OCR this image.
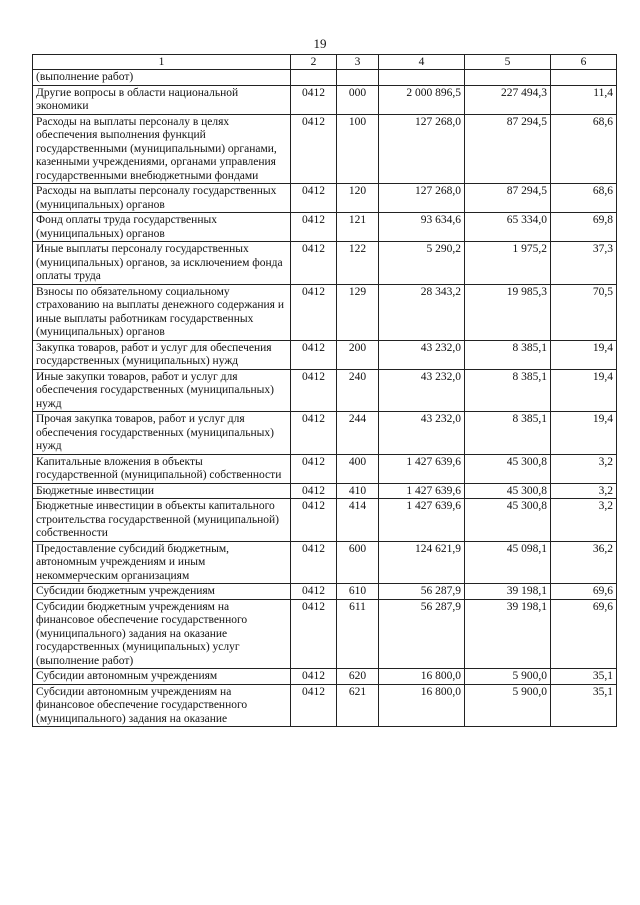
19
1	2	3	4	5	6
(выполнение работ)					
Другие вопросы в области национальной экономики	0412	000	2 000 896,5	227 494,3	11,4
Расходы на выплаты персоналу в целях обеспечения выполнения функций государственными (муниципальными) органами, казенными учреждениями, органами управления государственными внебюджетными фондами	0412	100	127 268,0	87 294,5	68,6
Расходы на выплаты персоналу государственных (муниципальных) органов	0412	120	127 268,0	87 294,5	68,6
Фонд оплаты труда государственных (муниципальных) органов	0412	121	93 634,6	65 334,0	69,8
Иные выплаты персоналу государственных (муниципальных) органов, за исключением фонда оплаты труда	0412	122	5 290,2	1 975,2	37,3
Взносы по обязательному социальному страхованию на выплаты денежного содержания и иные выплаты работникам государственных (муниципальных) органов	0412	129	28 343,2	19 985,3	70,5
Закупка товаров, работ и услуг для обеспечения государственных (муниципальных) нужд	0412	200	43 232,0	8 385,1	19,4
Иные закупки товаров, работ и услуг для обеспечения государственных (муниципальных) нужд	0412	240	43 232,0	8 385,1	19,4
Прочая закупка товаров, работ и услуг для обеспечения государственных (муниципальных) нужд	0412	244	43 232,0	8 385,1	19,4
Капитальные вложения в объекты государственной (муниципальной) собственности	0412	400	1 427 639,6	45 300,8	3,2
Бюджетные инвестиции	0412	410	1 427 639,6	45 300,8	3,2
Бюджетные инвестиции в объекты капитального строительства государственной (муниципальной) собственности	0412	414	1 427 639,6	45 300,8	3,2
Предоставление субсидий бюджетным, автономным учреждениям и иным некоммерческим организациям	0412	600	124 621,9	45 098,1	36,2
Субсидии бюджетным учреждениям	0412	610	56 287,9	39 198,1	69,6
Субсидии бюджетным учреждениям на финансовое обеспечение государственного (муниципального) задания на оказание государственных (муниципальных) услуг (выполнение работ)	0412	611	56 287,9	39 198,1	69,6
Субсидии автономным учреждениям	0412	620	16 800,0	5 900,0	35,1
Субсидии автономным учреждениям на финансовое обеспечение государственного (муниципального) задания на оказание	0412	621	16 800,0	5 900,0	35,1
